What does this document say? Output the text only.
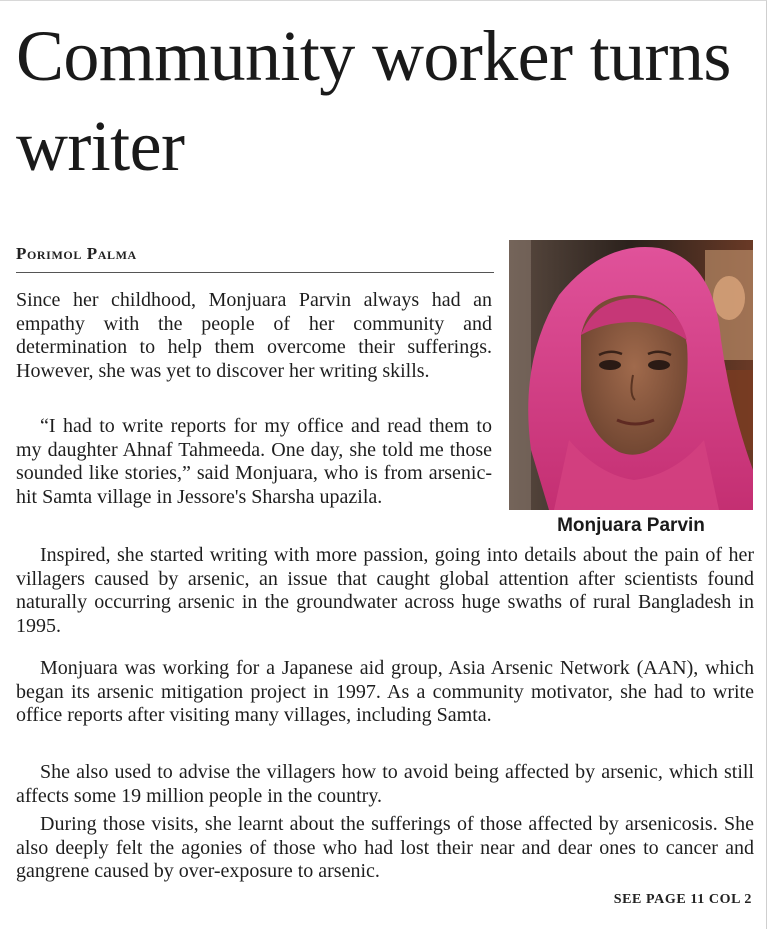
Community worker turns writer
Porimol Palma
Monjuara Parvin

Since her childhood, Monjuara Parvin always had an empathy with the people of her community and determination to help them overcome their sufferings. However, she was yet to discover her writing skills.

“I had to write reports for my office and read them to my daughter Ahnaf Tahmeeda. One day, she told me those sounded like stories,” said Monjuara, who is from arsenic-hit Samta village in Jessore's Sharsha upazila.

Inspired, she started writing with more passion, going into details about the pain of her villagers caused by arsenic, an issue that caught global attention after scientists found naturally occurring arsenic in the groundwater across huge swaths of rural Bangladesh in 1995.

Monjuara was working for a Japanese aid group, Asia Arsenic Network (AAN), which began its arsenic mitigation project in 1997. As a community motivator, she had to write office reports after visiting many villages, including Samta.

She also used to advise the villagers how to avoid being affected by arsenic, which still affects some 19 million people in the country.

During those visits, she learnt about the sufferings of those affected by arsenicosis. She also deeply felt the agonies of those who had lost their near and dear ones to cancer and gangrene caused by over-exposure to arsenic.

SEE PAGE 11 COL 2
